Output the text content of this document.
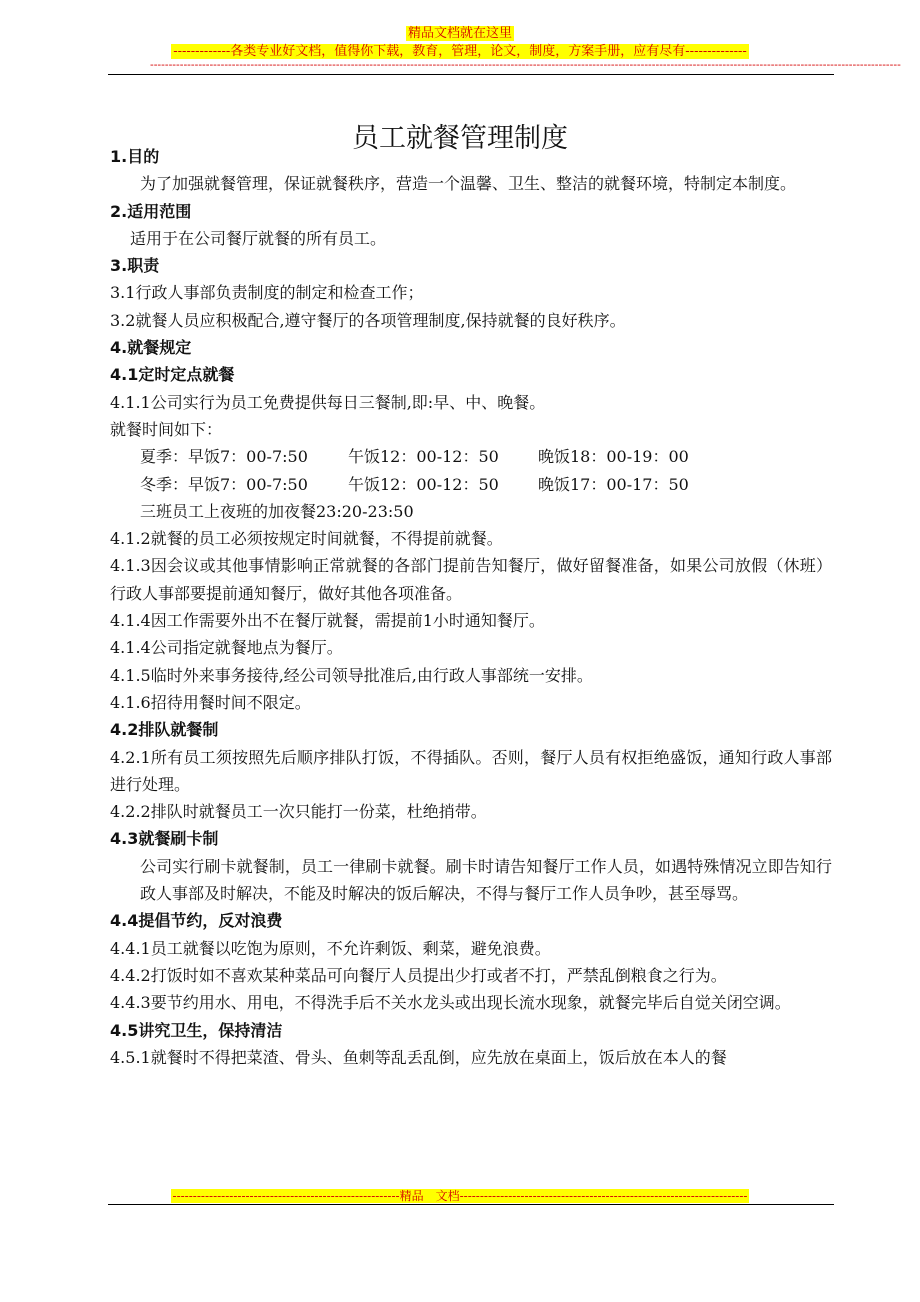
精品文档就在这里
-------------各类专业好文档，值得你下载，教育，管理，论文，制度，方案手册，应有尽有--------------
----------------------------------------------------------------------------------------------------------------------------------------------------------------------------------------------------------
员工就餐管理制度
1.目的
为了加强就餐管理，保证就餐秩序，营造一个温馨、卫生、整洁的就餐环境，特制定本制度。
2.适用范围
适用于在公司餐厅就餐的所有员工。
3.职责
3.1行政人事部负责制度的制定和检查工作；
3.2就餐人员应积极配合,遵守餐厅的各项管理制度,保持就餐的良好秩序。
4.就餐规定
4.1定时定点就餐
4.1.1公司实行为员工免费提供每日三餐制,即:早、中、晚餐。
就餐时间如下：
夏季：早饭7：00-7:50	午饭12：00-12：50 晚饭18：00-19：00
冬季：早饭7：00-7:50	午饭12：00-12：50 晚饭17：00-17：50
三班员工上夜班的加夜餐23:20-23:50
4.1.2就餐的员工必须按规定时间就餐，不得提前就餐。
4.1.3因会议或其他事情影响正常就餐的各部门提前告知餐厅，做好留餐准备，如果公司放假（休班）行政人事部要提前通知餐厅，做好其他各项准备。
4.1.4因工作需要外出不在餐厅就餐，需提前1小时通知餐厅。
4.1.4公司指定就餐地点为餐厅。
4.1.5临时外来事务接待,经公司领导批准后,由行政人事部统一安排。
4.1.6招待用餐时间不限定。
4.2排队就餐制
4.2.1所有员工须按照先后顺序排队打饭，不得插队。否则，餐厅人员有权拒绝盛饭，通知行政人事部进行处理。
4.2.2排队时就餐员工一次只能打一份菜，杜绝捎带。
4.3就餐刷卡制
公司实行刷卡就餐制，员工一律刷卡就餐。刷卡时请告知餐厅工作人员，如遇特殊情况立即告知行政人事部及时解决，不能及时解决的饭后解决，不得与餐厅工作人员争吵，甚至辱骂。
4.4提倡节约，反对浪费
4.4.1员工就餐以吃饱为原则，不允许剩饭、剩菜，避免浪费。
4.4.2打饭时如不喜欢某种菜品可向餐厅人员提出少打或者不打，严禁乱倒粮食之行为。
4.4.3要节约用水、用电，不得洗手后不关水龙头或出现长流水现象，就餐完毕后自觉关闭空调。
4.5讲究卫生，保持清洁
4.5.1就餐时不得把菜渣、骨头、鱼刺等乱丢乱倒，应先放在桌面上，饭后放在本人的餐
--------------------------------------------------------精品　文档-----------------------------------------------------------------------
